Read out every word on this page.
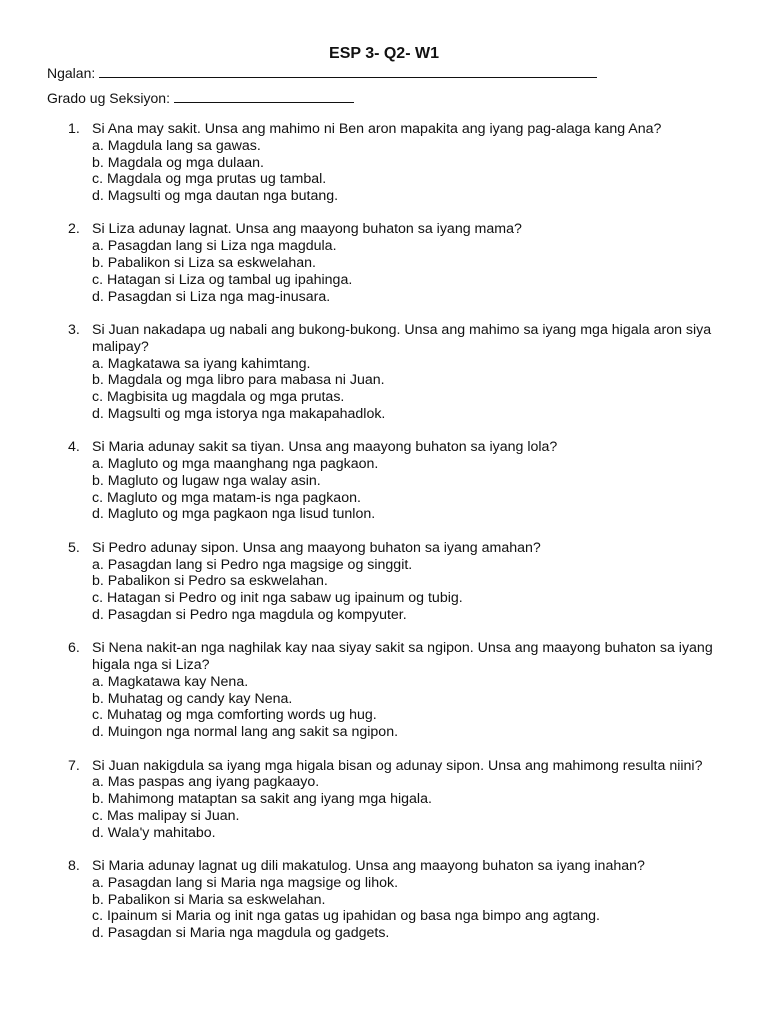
ESP 3- Q2- W1
Ngalan:
Grado ug Seksiyon:
1. Si Ana may sakit. Unsa ang mahimo ni Ben aron mapakita ang iyang pag-alaga kang Ana?
a. Magdula lang sa gawas.
b. Magdala og mga dulaan.
c. Magdala og mga prutas ug tambal.
d. Magsulti og mga dautan nga butang.
2. Si Liza adunay lagnat. Unsa ang maayong buhaton sa iyang mama?
a. Pasagdan lang si Liza nga magdula.
b. Pabalikon si Liza sa eskwelahan.
c. Hatagan si Liza og tambal ug ipahinga.
d. Pasagdan si Liza nga mag-inusara.
3. Si Juan nakadapa ug nabali ang bukong-bukong. Unsa ang mahimo sa iyang mga higala aron siya malipay?
a. Magkatawa sa iyang kahimtang.
b. Magdala og mga libro para mabasa ni Juan.
c. Magbisita ug magdala og mga prutas.
d. Magsulti og mga istorya nga makapahadlok.
4. Si Maria adunay sakit sa tiyan. Unsa ang maayong buhaton sa iyang lola?
a. Magluto og mga maanghang nga pagkaon.
b. Magluto og lugaw nga walay asin.
c. Magluto og mga matam-is nga pagkaon.
d. Magluto og mga pagkaon nga lisud tunlon.
5. Si Pedro adunay sipon. Unsa ang maayong buhaton sa iyang amahan?
a. Pasagdan lang si Pedro nga magsige og singgit.
b. Pabalikon si Pedro sa eskwelahan.
c. Hatagan si Pedro og init nga sabaw ug ipainum og tubig.
d. Pasagdan si Pedro nga magdula og kompyuter.
6. Si Nena nakit-an nga naghilak kay naa siyay sakit sa ngipon. Unsa ang maayong buhaton sa iyang higala nga si Liza?
a. Magkatawa kay Nena.
b. Muhatag og candy kay Nena.
c. Muhatag og mga comforting words ug hug.
d. Muingon nga normal lang ang sakit sa ngipon.
7. Si Juan nakigdula sa iyang mga higala bisan og adunay sipon. Unsa ang mahimong resulta niini?
a. Mas paspas ang iyang pagkaayo.
b. Mahimong mataptan sa sakit ang iyang mga higala.
c. Mas malipay si Juan.
d. Wala'y mahitabo.
8. Si Maria adunay lagnat ug dili makatulog. Unsa ang maayong buhaton sa iyang inahan?
a. Pasagdan lang si Maria nga magsige og lihok.
b. Pabalikon si Maria sa eskwelahan.
c. Ipainum si Maria og init nga gatas ug ipahidan og basa nga bimpo ang agtang.
d. Pasagdan si Maria nga magdula og gadgets.
